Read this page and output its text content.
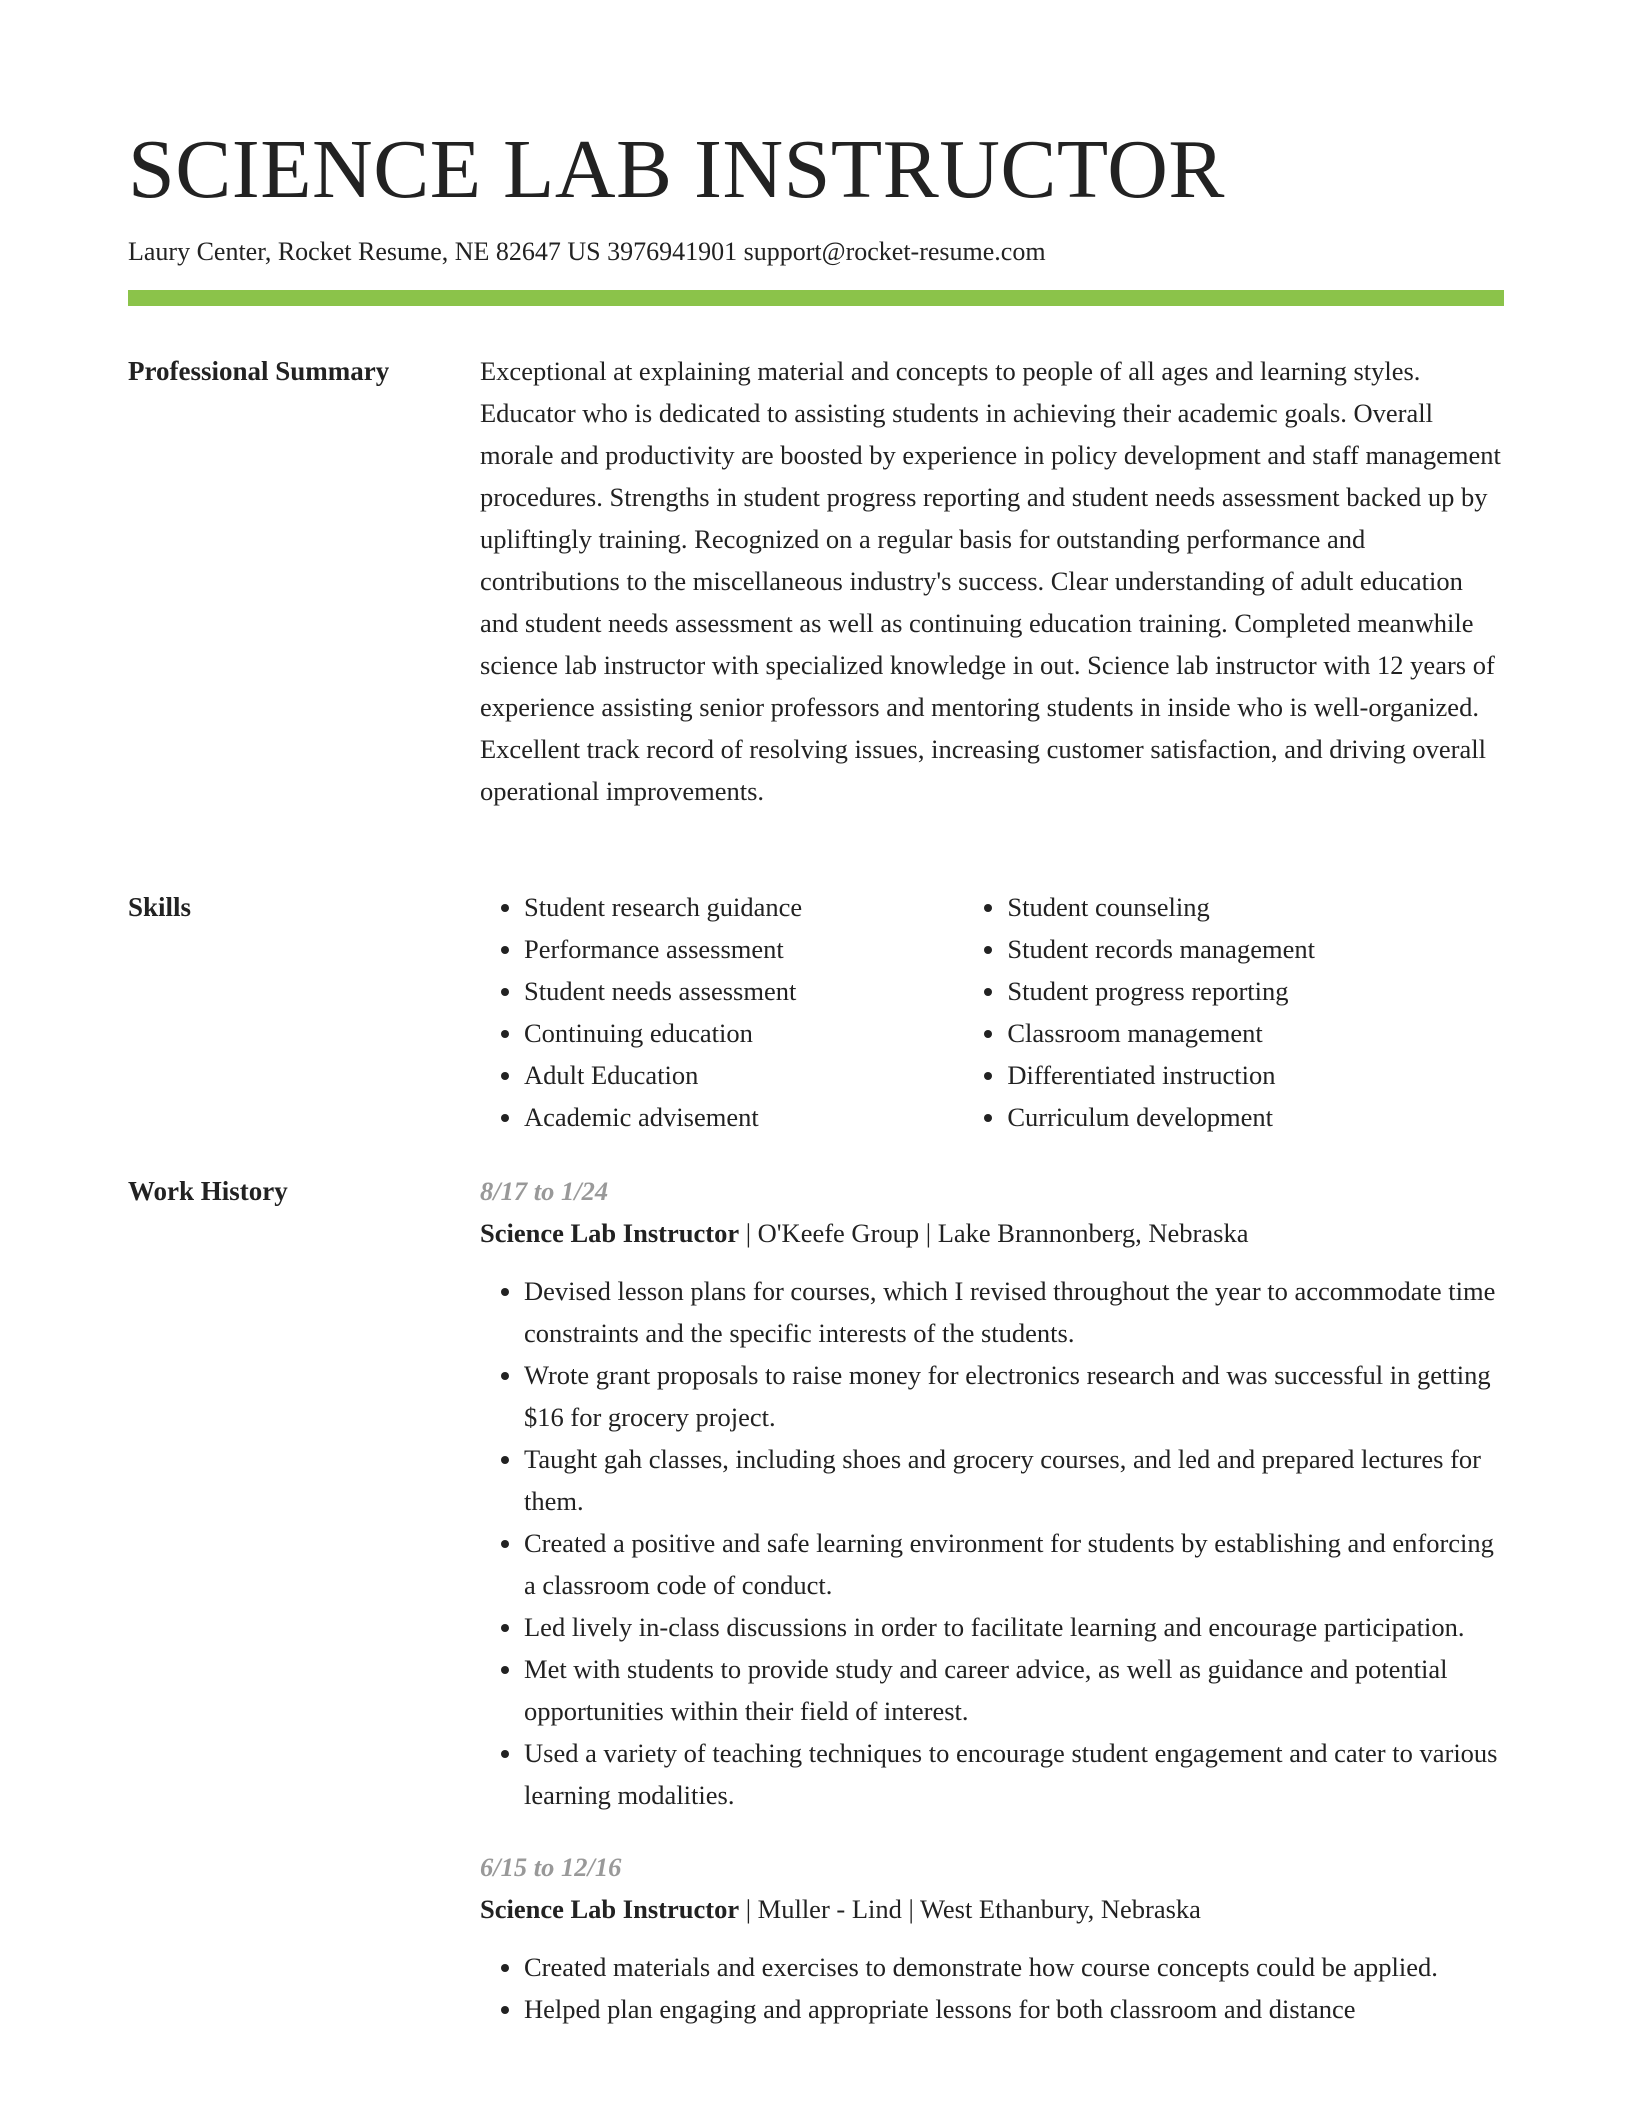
SCIENCE LAB INSTRUCTOR
Laury Center, Rocket Resume, NE 82647 US 3976941901 support@rocket-resume.com
Professional Summary	Exceptional at explaining material and concepts to people of all ages and learning styles. Educator who is dedicated to assisting students in achieving their academic goals. Overall morale and productivity are boosted by experience in policy development and staff management procedures. Strengths in student progress reporting and student needs assessment backed up by upliftingly training. Recognized on a regular basis for outstanding performance and contributions to the miscellaneous industry's success. Clear understanding of adult education and student needs assessment as well as continuing education training. Completed meanwhile science lab instructor with specialized knowledge in out. Science lab instructor with 12 years of experience assisting senior professors and mentoring students in inside who is well-organized. Excellent track record of resolving issues, increasing customer satisfaction, and driving overall operational improvements.

Skills
•	Student research guidance
• Performance assessment
• Student needs assessment
• Continuing education
• Adult Education
• Academic advisement
• Student counseling
• Student records management
• Student progress reporting
• Classroom management
• Differentiated instruction
• Curriculum development
Work History	8/17 to 1/24
Science Lab Instructor | O'Keefe Group | Lake Brannonberg, Nebraska
• Devised lesson plans for courses, which I revised throughout the year to accommodate time constraints and the specific interests of the students.
• Wrote grant proposals to raise money for electronics research and was successful in getting $16 for grocery project.
• Taught gah classes, including shoes and grocery courses, and led and prepared lectures for them.
• Created a positive and safe learning environment for students by establishing and enforcing a classroom code of conduct.
• Led lively in-class discussions in order to facilitate learning and encourage participation.
• Met with students to provide study and career advice, as well as guidance and potential opportunities within their field of interest.
• Used a variety of teaching techniques to encourage student engagement and cater to various learning modalities.
6/15 to 12/16
Science Lab Instructor | Muller - Lind | West Ethanbury, Nebraska
• Created materials and exercises to demonstrate how course concepts could be applied.
• Helped plan engaging and appropriate lessons for both classroom and distance
